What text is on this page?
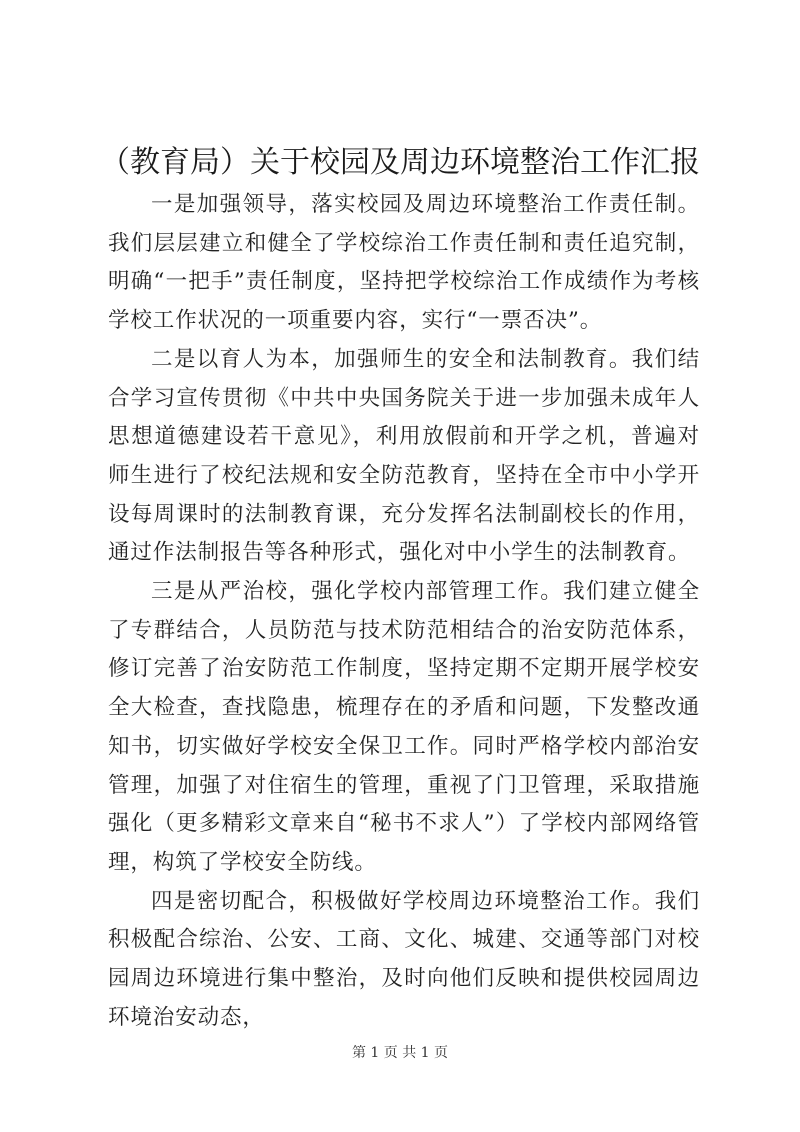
（教育局）关于校园及周边环境整治工作汇报

一是加强领导，落实校园及周边环境整治工作责任制。我们层层建立和健全了学校综治工作责任制和责任追究制，明确“一把手”责任制度，坚持把学校综治工作成绩作为考核学校工作状况的一项重要内容，实行“一票否决”。

二是以育人为本，加强师生的安全和法制教育。我们结合学习宣传贯彻《中共中央国务院关于进一步加强未成年人思想道德建设若干意见》，利用放假前和开学之机，普遍对师生进行了校纪法规和安全防范教育，坚持在全市中小学开设每周课时的法制教育课，充分发挥名法制副校长的作用，通过作法制报告等各种形式，强化对中小学生的法制教育。

三是从严治校，强化学校内部管理工作。我们建立健全了专群结合，人员防范与技术防范相结合的治安防范体系，修订完善了治安防范工作制度，坚持定期不定期开展学校安全大检查，查找隐患，梳理存在的矛盾和问题，下发整改通知书，切实做好学校安全保卫工作。同时严格学校内部治安管理，加强了对住宿生的管理，重视了门卫管理，采取措施强化（更多精彩文章来自“秘书不求人”）了学校内部网络管理，构筑了学校安全防线。

四是密切配合，积极做好学校周边环境整治工作。我们积极配合综治、公安、工商、文化、城建、交通等部门对校园周边环境进行集中整治，及时向他们反映和提供校园周边环境治安动态，

第 1 页 共 1 页
